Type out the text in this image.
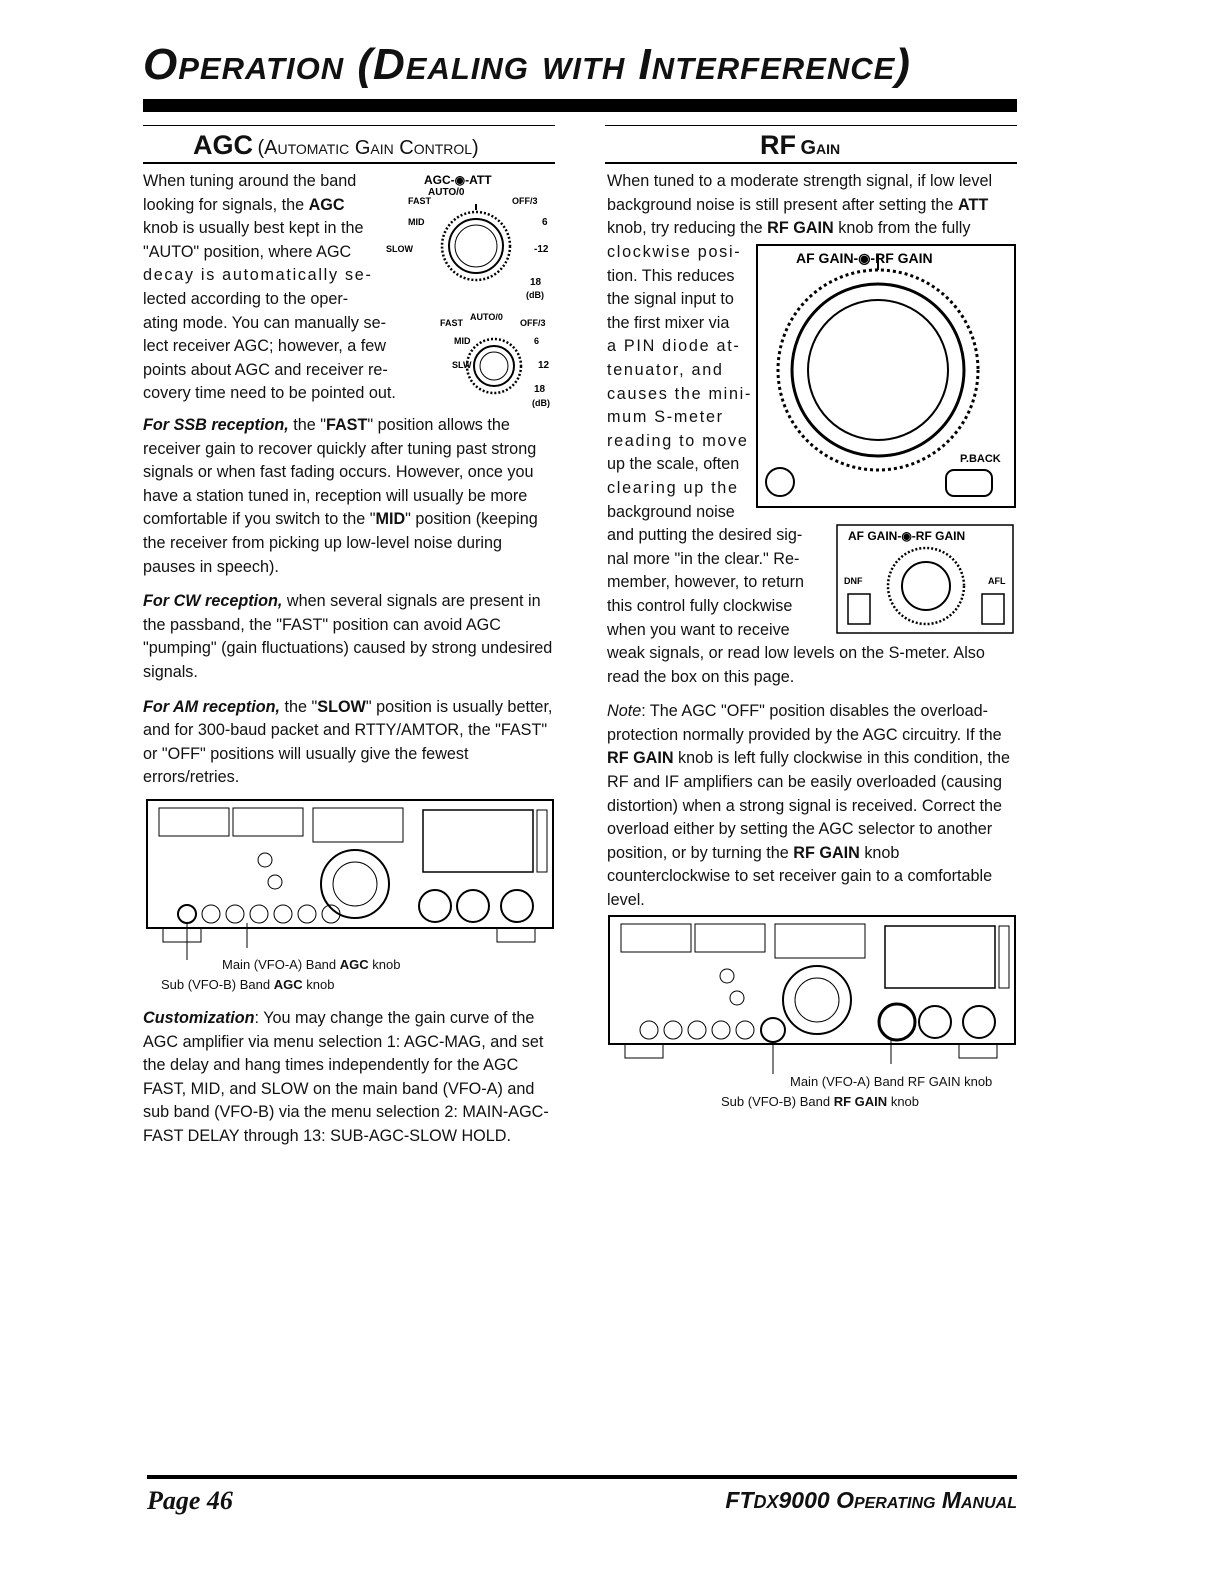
Operation (Dealing with Interference)
AGC (Automatic Gain Control)
When tuning around the band
looking for signals, the AGC
knob is usually best kept in the
"AUTO" position, where AGC
decay is automatically se-
lected according to the oper-
ating mode. You can manually se-
lect receiver AGC; however, a few
points about AGC and receiver re-
covery time need to be pointed out.
AGC-◉-ATT
AUTO/0
FAST	OFF/3
MID	6
SLOW	-12
18
(dB)
FAST
AUTO/0
OFF/3
MID	6
SLW	12
18
(dB)

For SSB reception, the "FAST" position allows the receiver gain to recover quickly after tuning past strong signals or when fast fading occurs. However, once you have a station tuned in, reception will usually be more comfortable if you switch to the "MID" position (keeping the receiver from picking up low-level noise during pauses in speech).

For CW reception, when several signals are present in the passband, the "FAST" position can avoid AGC "pumping" (gain fluctuations) caused by strong undesired signals.

For AM reception, the "SLOW" position is usually better, and for 300-baud packet and RTTY/AMTOR, the "FAST" or "OFF" positions will usually give the fewest errors/retries.

Main (VFO-A) Band AGC knob
Sub (VFO-B) Band AGC knob
Customization: You may change the gain curve of the AGC amplifier via menu selection 1: AGC-MAG, and set the delay and hang times independently for the AGC FAST, MID, and SLOW on the main band (VFO-A) and sub band (VFO-B) via the menu selection 2: MAIN-AGC-FAST DELAY through 13: SUB-AGC-SLOW HOLD.
RF Gain
When tuned to a moderate strength signal, if low level
background noise is still present after setting the ATT
knob, try reducing the RF GAIN knob from the fully
clockwise posi-
tion. This reduces
the signal input to
the first mixer via
a PIN diode at-
tenuator, and
causes the mini-
mum S-meter
reading to move
up the scale, often
clearing up the
background noise
and putting the desired sig-
nal more "in the clear." Re-
member, however, to return
this control fully clockwise
when you want to receive
AF GAIN-◉-RF GAIN
P.BACK
AF GAIN-◉-RF GAIN
DNF	AFL

weak signals, or read low levels on the S-meter. Also read the box on this page.

Note: The AGC "OFF" position disables the overload-protection normally provided by the AGC circuitry. If the RF GAIN knob is left fully clockwise in this condition, the RF and IF amplifiers can be easily overloaded (causing distortion) when a strong signal is received. Correct the overload either by setting the AGC selector to another position, or by turning the RF GAIN knob counterclockwise to set receiver gain to a comfortable level.

Main (VFO-A) Band RF GAIN knob
Sub (VFO-B) Band RF GAIN knob
Page 46	FTDX9000 Operating Manual
